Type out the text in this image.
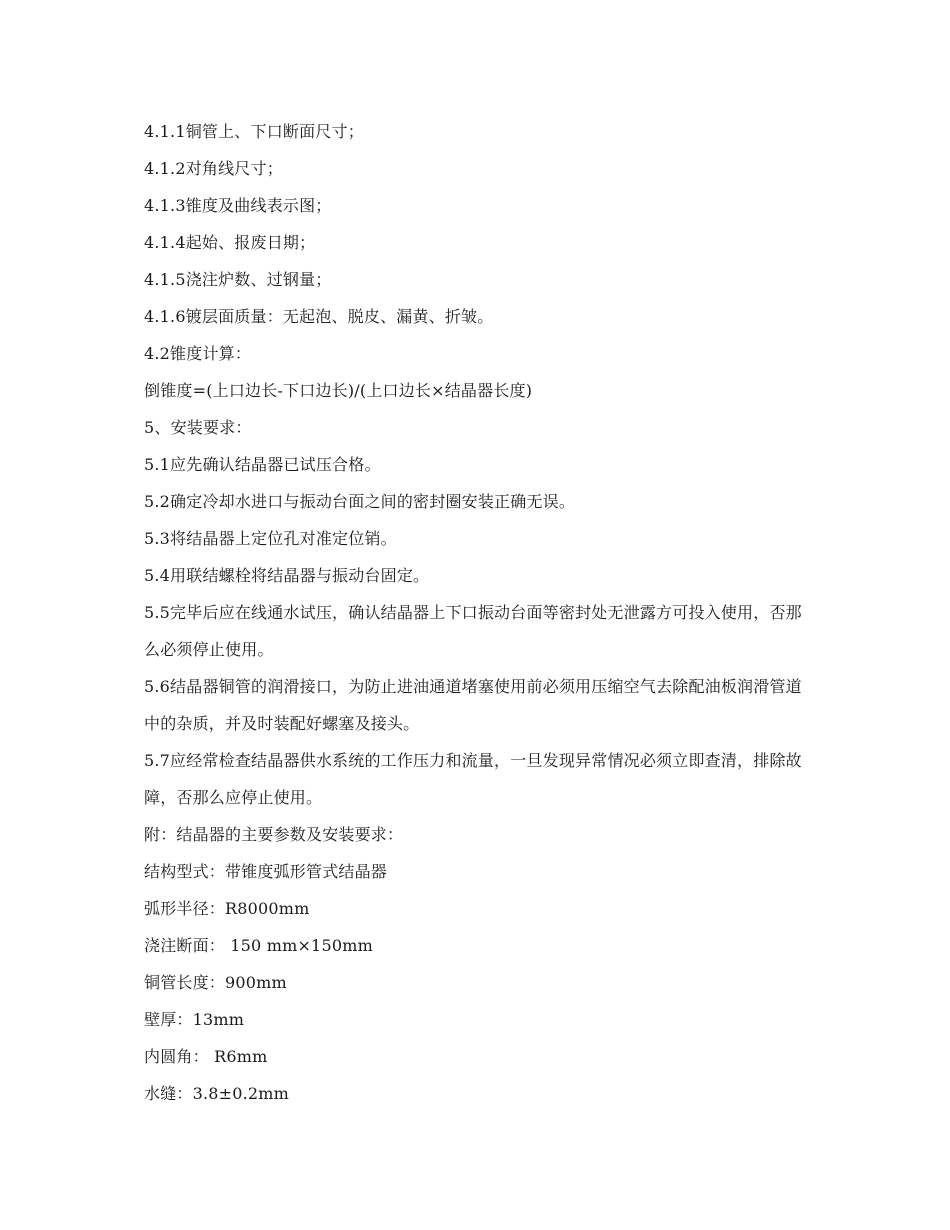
4.1.1铜管上、下口断面尺寸；
4.1.2对角线尺寸；
4.1.3锥度及曲线表示图；
4.1.4起始、报废日期；
4.1.5浇注炉数、过钢量；
4.1.6镀层面质量：无起泡、脱皮、漏黄、折皱。
4.2锥度计算：
倒锥度=(上口边长-下口边长)/(上口边长×结晶器长度)
5、安装要求：
5.1应先确认结晶器已试压合格。
5.2确定冷却水进口与振动台面之间的密封圈安装正确无误。
5.3将结晶器上定位孔对准定位销。
5.4用联结螺栓将结晶器与振动台固定。
5.5完毕后应在线通水试压，确认结晶器上下口振动台面等密封处无泄露方可投入使用，否那么必须停止使用。
5.6结晶器铜管的润滑接口，为防止进油通道堵塞使用前必须用压缩空气去除配油板润滑管道中的杂质，并及时装配好螺塞及接头。
5.7应经常检查结晶器供水系统的工作压力和流量，一旦发现异常情况必须立即查清，排除故障，否那么应停止使用。
附：结晶器的主要参数及安装要求：
结构型式：带锥度弧形管式结晶器
弧形半径：R8000mm
浇注断面： 150 mm×150mm
铜管长度：900mm
壁厚：13mm
内圆角： R6mm
水缝：3.8±0.2mm
